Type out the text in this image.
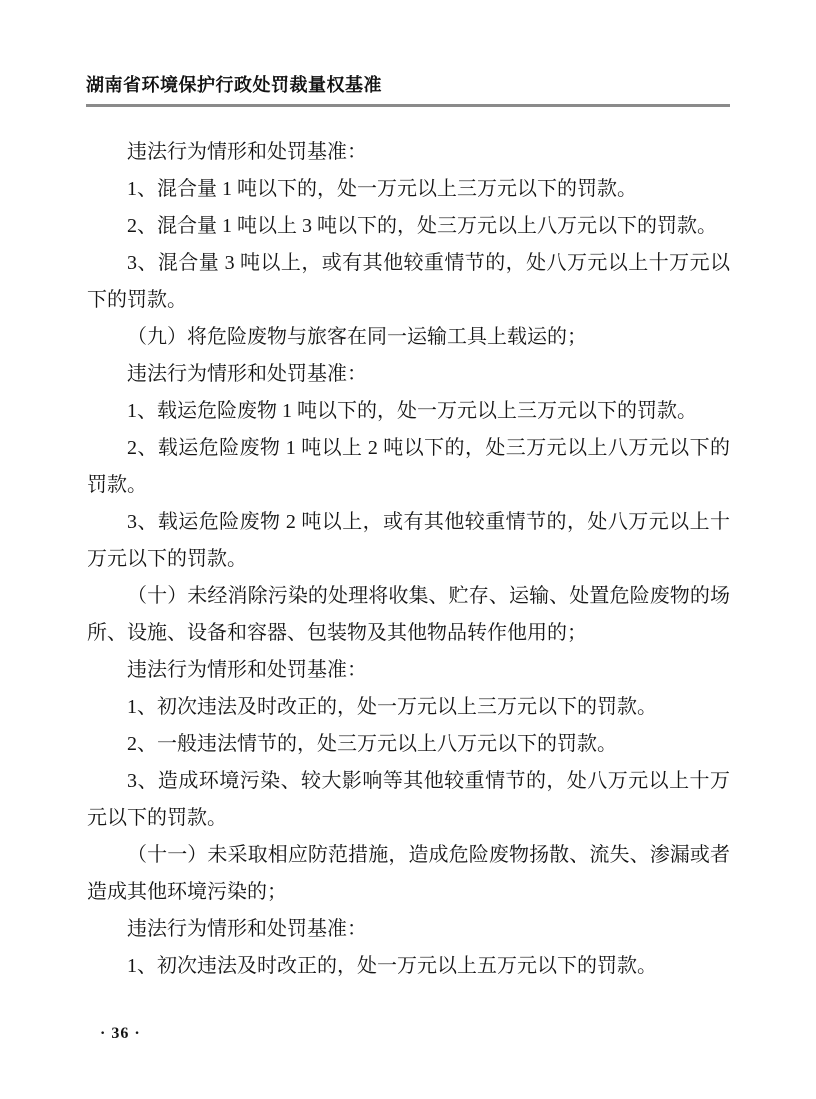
湖南省环境保护行政处罚裁量权基准

违法行为情形和处罚基准：

1、混合量 1 吨以下的，处一万元以上三万元以下的罚款。

2、混合量 1 吨以上 3 吨以下的，处三万元以上八万元以下的罚款。

3、混合量 3 吨以上，或有其他较重情节的，处八万元以上十万元以下的罚款。

（九）将危险废物与旅客在同一运输工具上载运的；

违法行为情形和处罚基准：

1、载运危险废物 1 吨以下的，处一万元以上三万元以下的罚款。

2、载运危险废物 1 吨以上 2 吨以下的，处三万元以上八万元以下的罚款。

3、载运危险废物 2 吨以上，或有其他较重情节的，处八万元以上十万元以下的罚款。

（十）未经消除污染的处理将收集、贮存、运输、处置危险废物的场所、设施、设备和容器、包装物及其他物品转作他用的；

违法行为情形和处罚基准：

1、初次违法及时改正的，处一万元以上三万元以下的罚款。

2、一般违法情节的，处三万元以上八万元以下的罚款。

3、造成环境污染、较大影响等其他较重情节的，处八万元以上十万元以下的罚款。

（十一）未采取相应防范措施，造成危险废物扬散、流失、渗漏或者造成其他环境污染的；

违法行为情形和处罚基准：

1、初次违法及时改正的，处一万元以上五万元以下的罚款。

· 36 ·
